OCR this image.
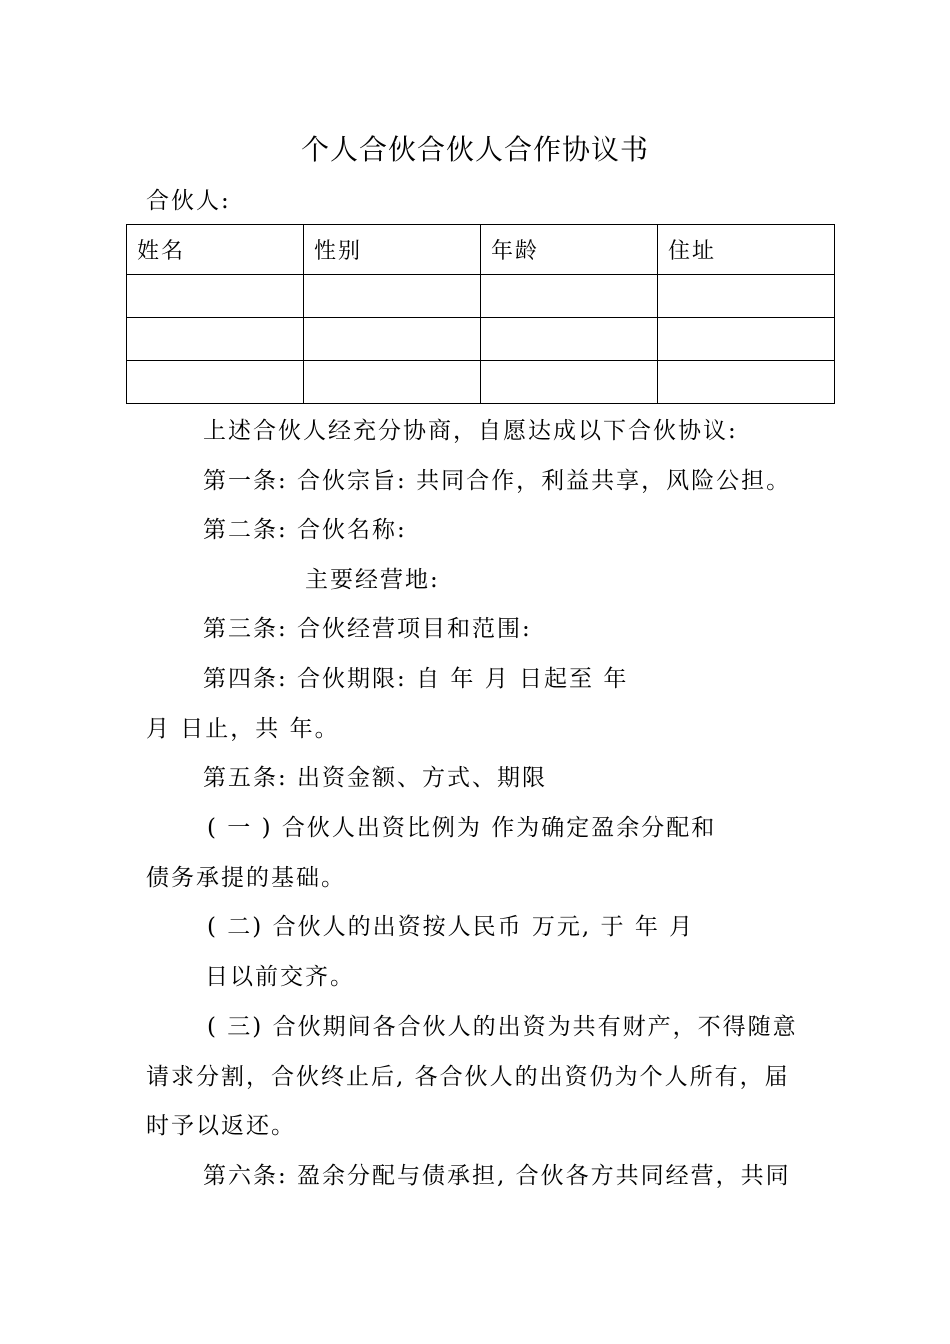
个人合伙合伙人合作协议书
合伙人:
姓名	性别	年龄	住址

上述合伙人经充分协商，自愿达成以下合伙协议:
第一条: 合伙宗旨: 共同合作，利益共享，风险公担。
第二条: 合伙名称:
主要经营地:
第三条: 合伙经营项目和范围:
第四条: 合伙期限: 自 年 月 日起至 年
月 日止，共 年。
第五条: 出资金额、方式、期限
( 一 ) 合伙人出资比例为 作为确定盈余分配和
债务承提的基础。
( 二) 合伙人的出资按人民币 万元, 于 年 月
日以前交齐。
( 三) 合伙期间各合伙人的出资为共有财产，不得随意
请求分割，合伙终止后, 各合伙人的出资仍为个人所有，届
时予以返还。
第六条: 盈余分配与债承担, 合伙各方共同经营，共同
